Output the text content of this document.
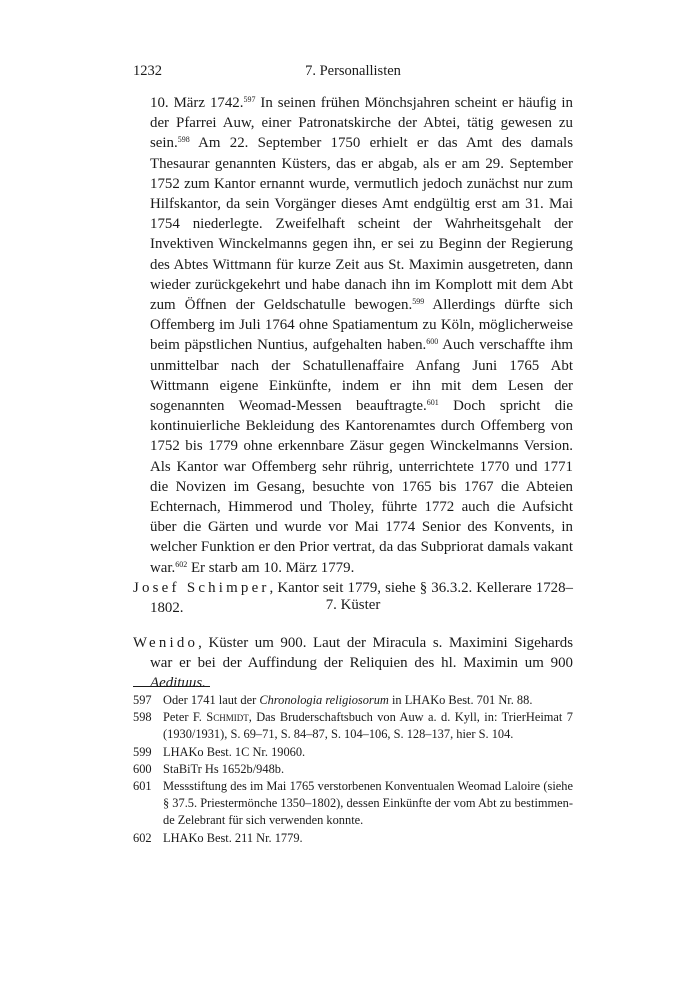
1232	7. Personallisten

10. März 1742.$^{597}$ In seinen frühen Mönchsjahren scheint er häufig in der Pfarrei Auw, einer Patronatskirche der Abtei, tätig gewesen zu sein.$^{598}$ Am 22. September 1750 erhielt er das Amt des damals Thesaurar genannten Küsters, das er abgab, als er am 29. September 1752 zum Kantor ernannt wurde, vermutlich jedoch zunächst nur zum Hilfskantor, da sein Vorgänger dieses Amt endgültig erst am 31. Mai 1754 niederlegte. Zweifelhaft scheint der Wahrheitsgehalt der Invektiven Winckelmanns gegen ihn, er sei zu Beginn der Regierung des Abtes Wittmann für kurze Zeit aus St. Maximin ausgetreten, dann wieder zurückgekehrt und habe danach ihn im Komplott mit dem Abt zum Öffnen der Geldschatulle bewogen.$^{599}$ Allerdings dürfte sich Offemberg im Juli 1764 ohne Spatiamentum zu Köln, möglicherweise beim päpstlichen Nuntius, aufgehalten haben.$^{600}$ Auch verschaffte ihm unmittelbar nach der Schatullenaffaire Anfang Juni 1765 Abt Wittmann eigene Einkünfte, indem er ihn mit dem Lesen der sogenannten Weomad-Messen beauftragte.$^{601}$ Doch spricht die kontinuierliche Bekleidung des Kantorenamtes durch Offemberg von 1752 bis 1779 ohne erkennbare Zäsur gegen Winckelmanns Version. Als Kantor war Offemberg sehr rührig, unterrichtete 1770 und 1771 die Novizen im Gesang, besuchte von 1765 bis 1767 die Abteien Echternach, Himmerod und Tholey, führte 1772 auch die Aufsicht über die Gärten und wurde vor Mai 1774 Senior des Konvents, in welcher Funktion er den Prior vertrat, da das Subpriorat damals vakant war.$^{602}$ Er starb am 10. März 1779.

Josef Schimper, Kantor seit 1779, siehe § 36.3.2. Kellerare 1728–1802.	7. Küster

Wenido, Küster um 900. Laut der Miracula s. Maximini Sigehards war er bei der Auffindung der Reliquien des hl. Maximin um 900 Aedituus.

597 Oder 1741 laut der Chronologia religiosorum in LHAKo Best. 701 Nr. 88.

598 Peter F. Schmidt, Das Bruderschaftsbuch von Auw a. d. Kyll, in: TrierHeimat 7 (1930/1931), S. 69–71, S. 84–87, S. 104–106, S. 128–137, hier S. 104.

599 LHAKo Best. 1C Nr. 19060.

600 StaBiTr Hs 1652b/948b.

601 Messstiftung des im Mai 1765 verstorbenen Konventualen Weomad Laloire (siehe § 37.5. Priestermönche 1350–1802), dessen Einkünfte der vom Abt zu bestimmen-de Zelebrant für sich verwenden konnte.

602 LHAKo Best. 211 Nr. 1779.
